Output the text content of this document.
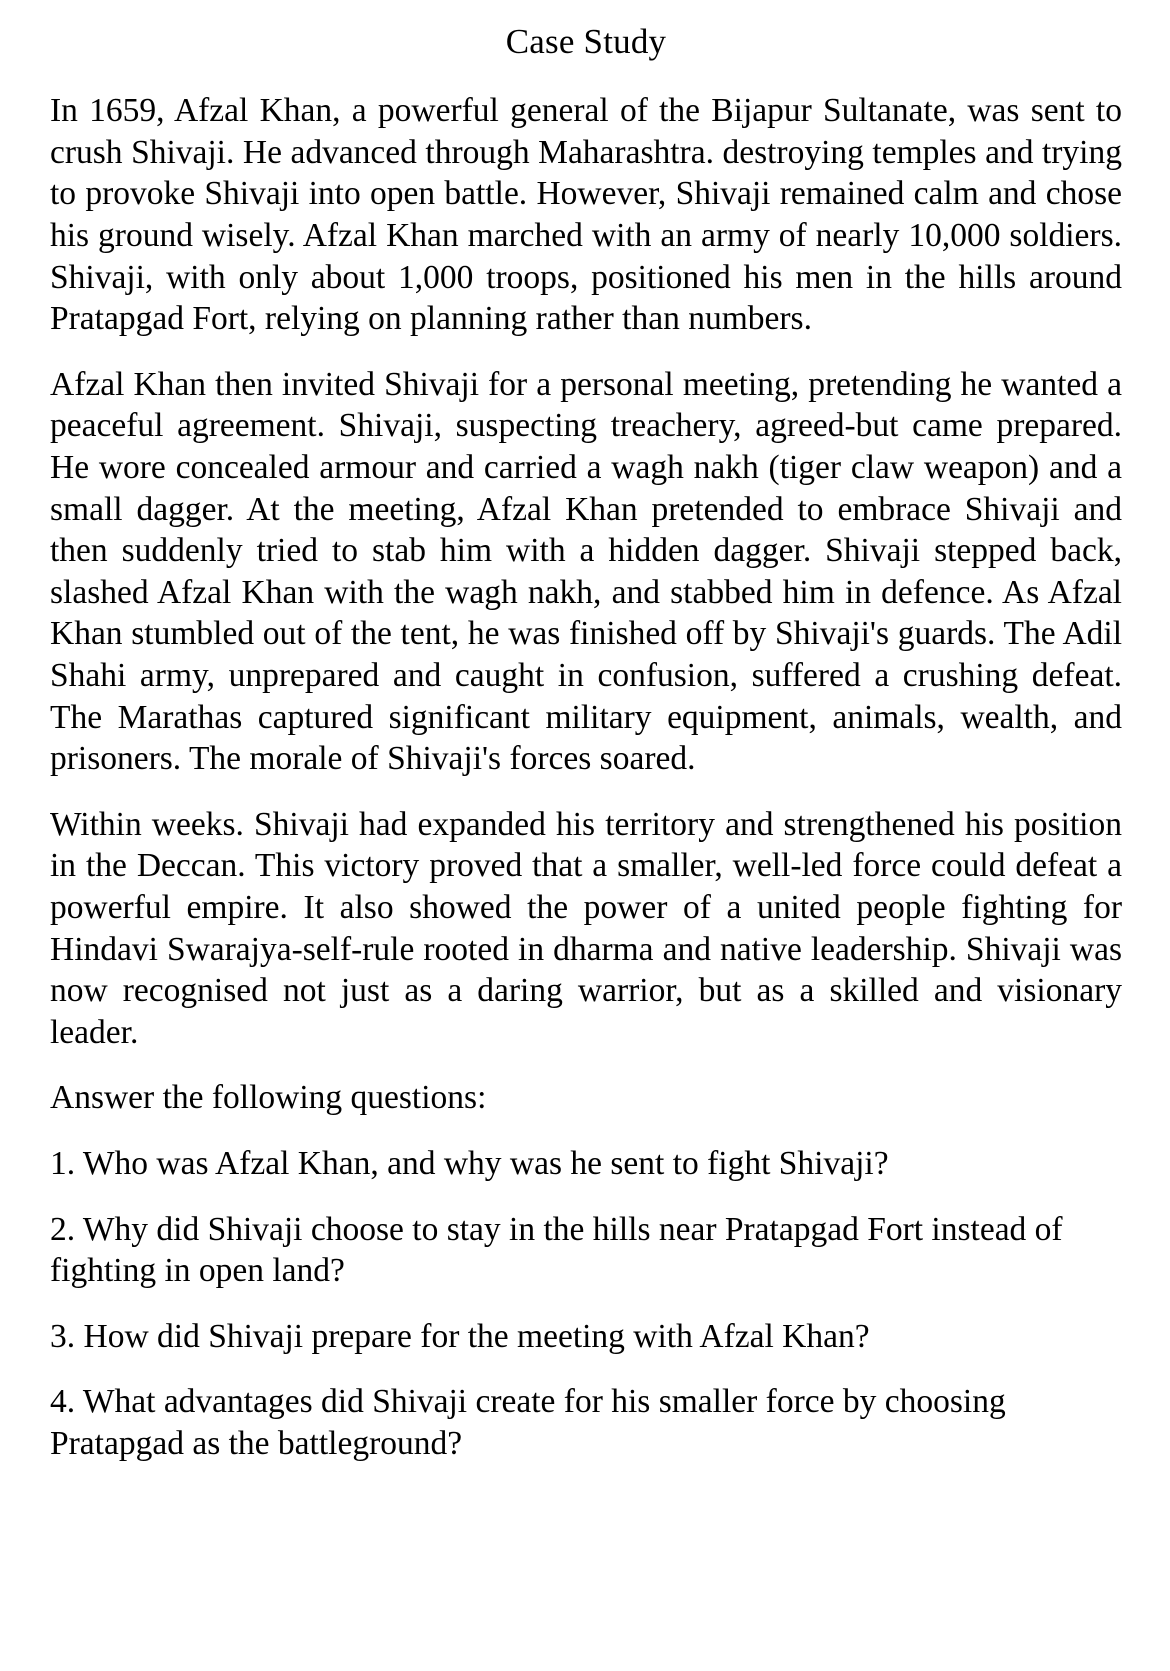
Case Study

In 1659, Afzal Khan, a powerful general of the Bijapur Sultanate, was sent to crush Shivaji. He advanced through Maharashtra. destroying temples and trying to provoke Shivaji into open battle. However, Shivaji remained calm and chose his ground wisely. Afzal Khan marched with an army of nearly 10,000 soldiers. Shivaji, with only about 1,000 troops, positioned his men in the hills around Pratapgad Fort, relying on planning rather than numbers.

Afzal Khan then invited Shivaji for a personal meeting, pretending he wanted a peaceful agreement. Shivaji, suspecting treachery, agreed-but came prepared. He wore concealed armour and carried a wagh nakh (tiger claw weapon) and a small dagger. At the meeting, Afzal Khan pretended to embrace Shivaji and then suddenly tried to stab him with a hidden dagger. Shivaji stepped back, slashed Afzal Khan with the wagh nakh, and stabbed him in defence. As Afzal Khan stumbled out of the tent, he was finished off by Shivaji's guards. The Adil Shahi army, unprepared and caught in confusion, suffered a crushing defeat. The Marathas captured significant military equipment, animals, wealth, and prisoners. The morale of Shivaji's forces soared.

Within weeks. Shivaji had expanded his territory and strengthened his position in the Deccan. This victory proved that a smaller, well-led force could defeat a powerful empire. It also showed the power of a united people fighting for Hindavi Swarajya-self-rule rooted in dharma and native leadership. Shivaji was now recognised not just as a daring warrior, but as a skilled and visionary leader.

Answer the following questions:

1. Who was Afzal Khan, and why was he sent to fight Shivaji?

2. Why did Shivaji choose to stay in the hills near Pratapgad Fort instead of fighting in open land?

3. How did Shivaji prepare for the meeting with Afzal Khan?

4. What advantages did Shivaji create for his smaller force by choosing Pratapgad as the battleground?
